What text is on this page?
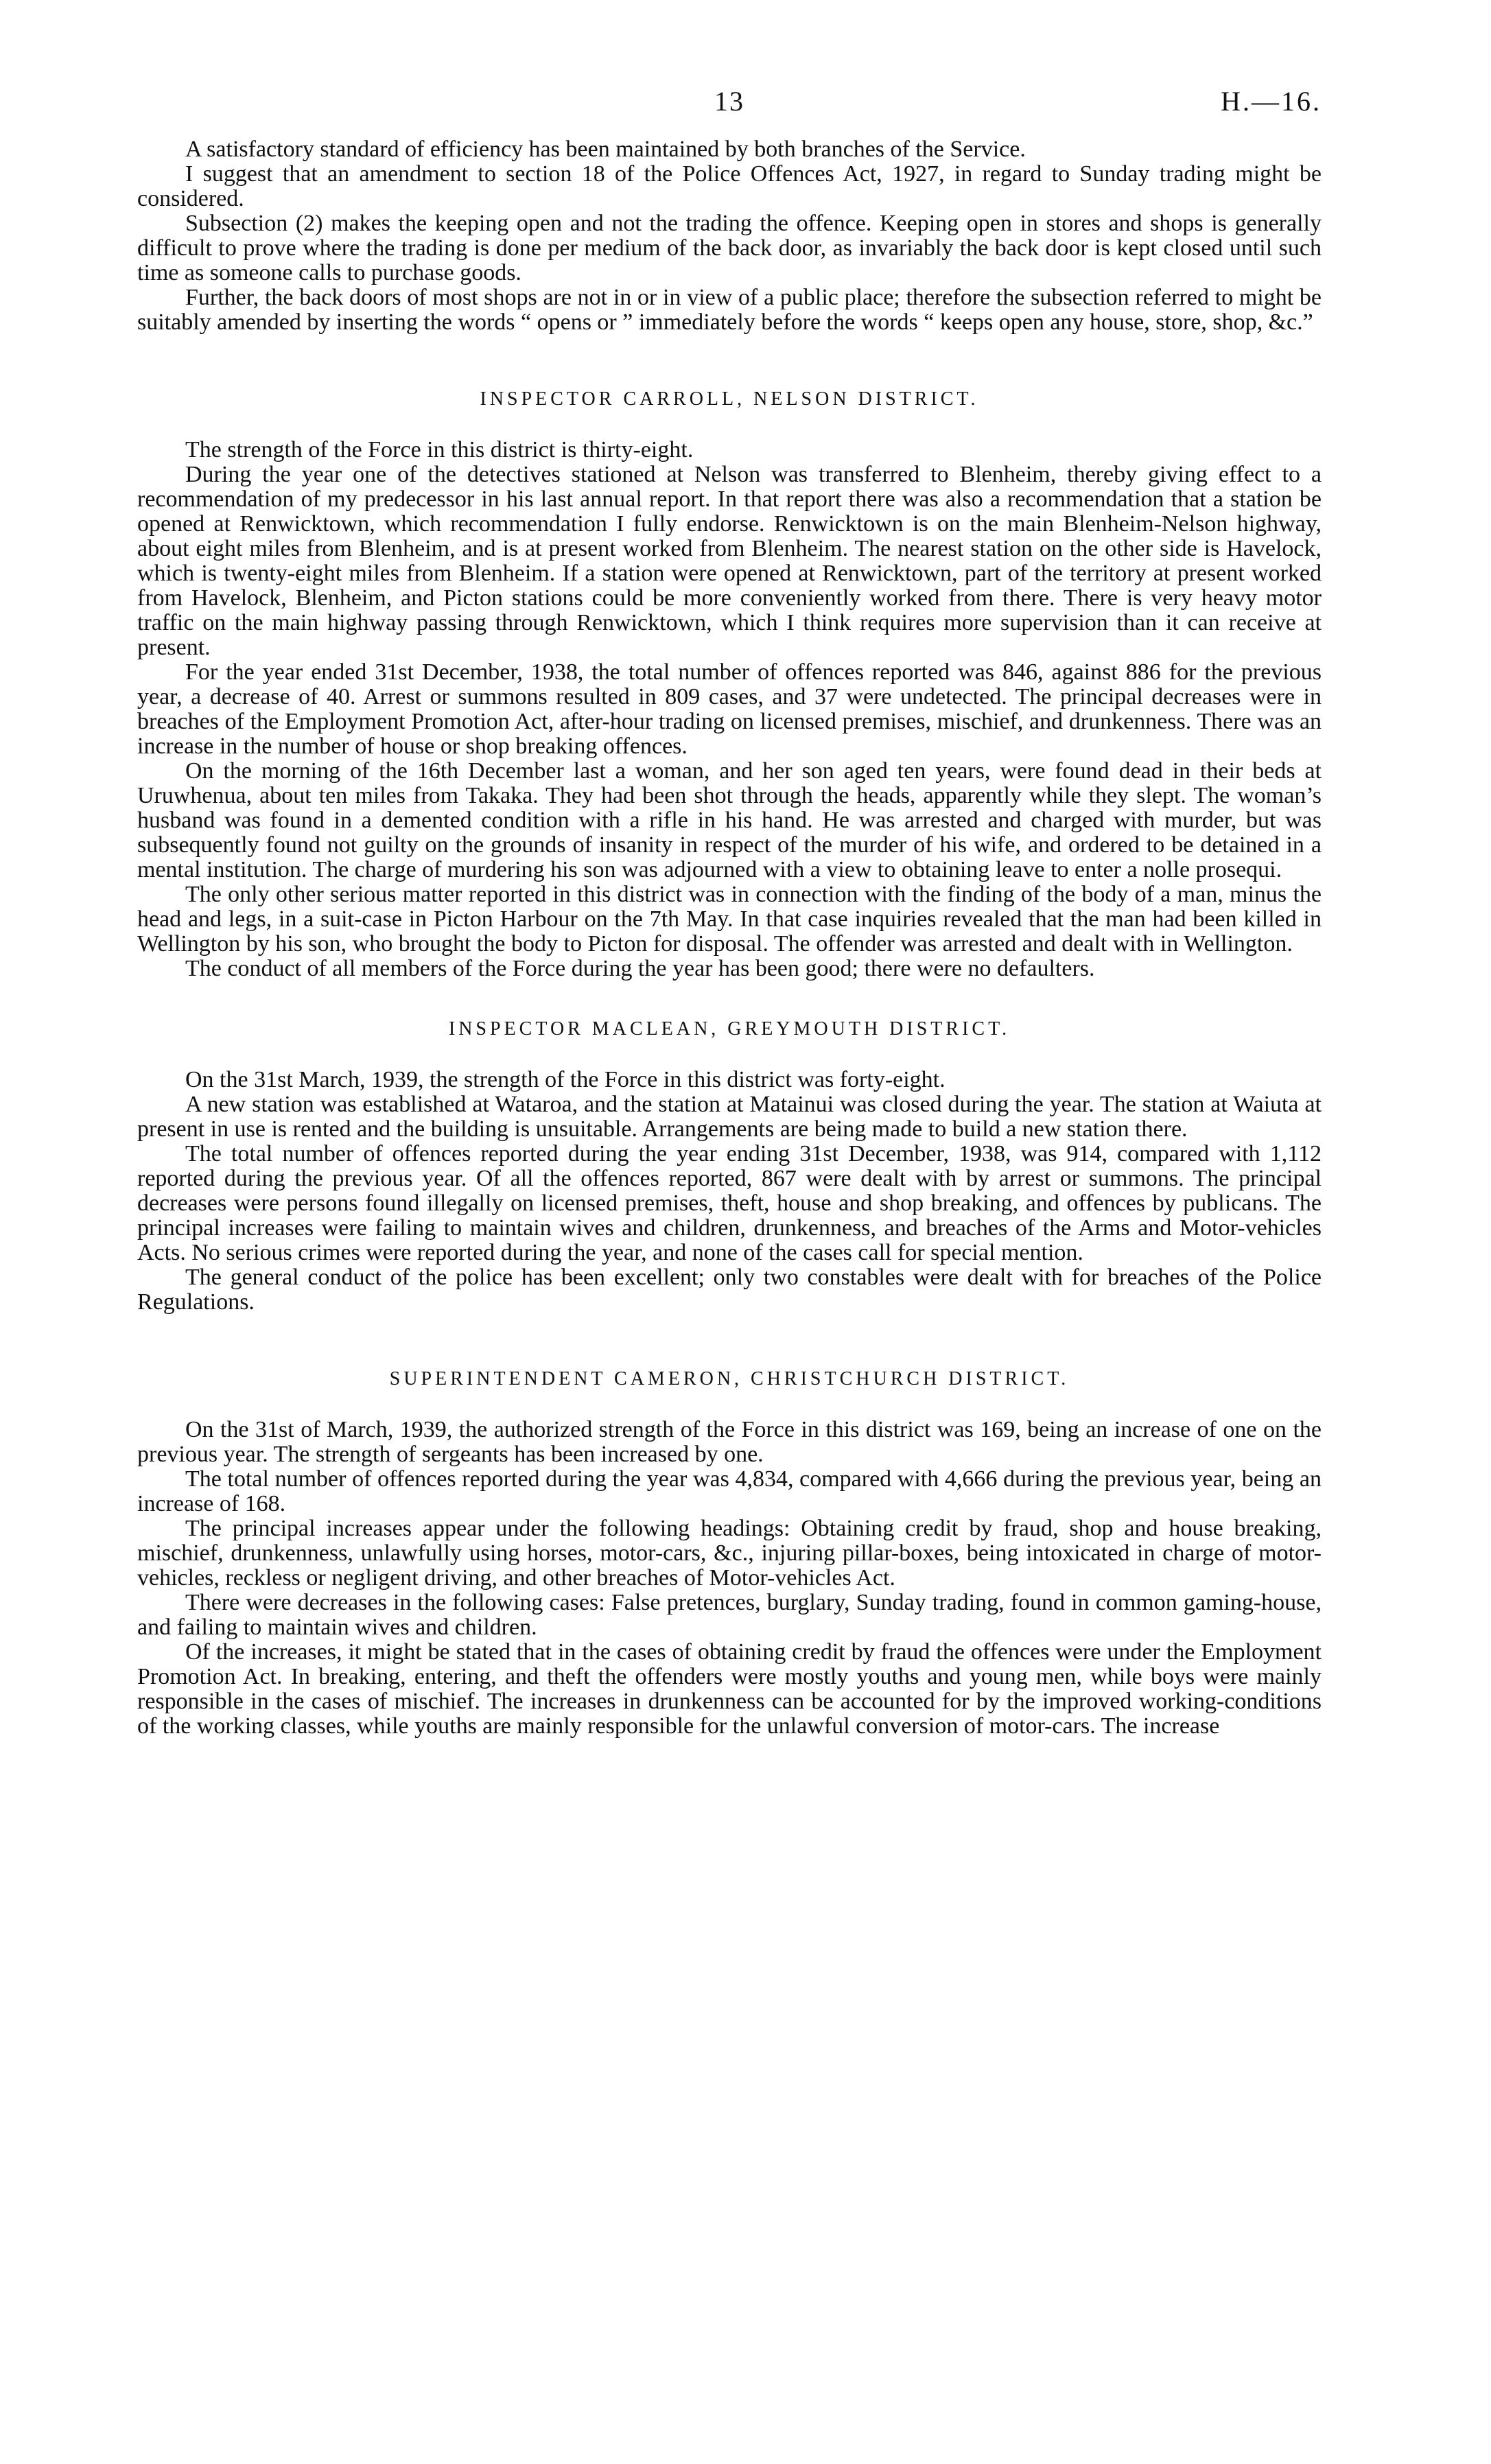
13	H.—16.

A satisfactory standard of efficiency has been maintained by both branches of the Service.

I suggest that an amendment to section 18 of the Police Offences Act, 1927, in regard to Sunday trading might be considered.

Subsection (2) makes the keeping open and not the trading the offence. Keeping open in stores and shops is generally difficult to prove where the trading is done per medium of the back door, as invariably the back door is kept closed until such time as someone calls to purchase goods.

Further, the back doors of most shops are not in or in view of a public place; therefore the subsection referred to might be suitably amended by inserting the words “ opens or ” immediately before the words “ keeps open any house, store, shop, &c.”

INSPECTOR CARROLL, NELSON DISTRICT.

The strength of the Force in this district is thirty-eight.

During the year one of the detectives stationed at Nelson was transferred to Blenheim, thereby giving effect to a recommendation of my predecessor in his last annual report. In that report there was also a recommendation that a station be opened at Renwicktown, which recommendation I fully endorse. Renwicktown is on the main Blenheim-Nelson highway, about eight miles from Blenheim, and is at present worked from Blenheim. The nearest station on the other side is Havelock, which is twenty-eight miles from Blenheim. If a station were opened at Renwicktown, part of the territory at present worked from Havelock, Blenheim, and Picton stations could be more conveniently worked from there. There is very heavy motor traffic on the main highway passing through Renwicktown, which I think requires more supervision than it can receive at present.

For the year ended 31st December, 1938, the total number of offences reported was 846, against 886 for the previous year, a decrease of 40. Arrest or summons resulted in 809 cases, and 37 were undetected. The principal decreases were in breaches of the Employment Promotion Act, after-hour trading on licensed premises, mischief, and drunkenness. There was an increase in the number of house or shop breaking offences.

On the morning of the 16th December last a woman, and her son aged ten years, were found dead in their beds at Uruwhenua, about ten miles from Takaka. They had been shot through the heads, apparently while they slept. The woman’s husband was found in a demented condition with a rifle in his hand. He was arrested and charged with murder, but was subsequently found not guilty on the grounds of insanity in respect of the murder of his wife, and ordered to be detained in a mental institution. The charge of murdering his son was adjourned with a view to obtaining leave to enter a nolle prosequi.

The only other serious matter reported in this district was in connection with the finding of the body of a man, minus the head and legs, in a suit-case in Picton Harbour on the 7th May. In that case inquiries revealed that the man had been killed in Wellington by his son, who brought the body to Picton for disposal. The offender was arrested and dealt with in Wellington.

The conduct of all members of the Force during the year has been good; there were no defaulters.

INSPECTOR MACLEAN, GREYMOUTH DISTRICT.

On the 31st March, 1939, the strength of the Force in this district was forty-eight.

A new station was established at Wataroa, and the station at Matainui was closed during the year. The station at Waiuta at present in use is rented and the building is unsuitable. Arrangements are being made to build a new station there.

The total number of offences reported during the year ending 31st December, 1938, was 914, compared with 1,112 reported during the previous year. Of all the offences reported, 867 were dealt with by arrest or summons. The principal decreases were persons found illegally on licensed premises, theft, house and shop breaking, and offences by publicans. The principal increases were failing to maintain wives and children, drunkenness, and breaches of the Arms and Motor-vehicles Acts. No serious crimes were reported during the year, and none of the cases call for special mention.

The general conduct of the police has been excellent; only two constables were dealt with for breaches of the Police Regulations.

SUPERINTENDENT CAMERON, CHRISTCHURCH DISTRICT.

On the 31st of March, 1939, the authorized strength of the Force in this district was 169, being an increase of one on the previous year. The strength of sergeants has been increased by one.

The total number of offences reported during the year was 4,834, compared with 4,666 during the previous year, being an increase of 168.

The principal increases appear under the following headings: Obtaining credit by fraud, shop and house breaking, mischief, drunkenness, unlawfully using horses, motor-cars, &c., injuring pillar-boxes, being intoxicated in charge of motor-vehicles, reckless or negligent driving, and other breaches of Motor-vehicles Act.

There were decreases in the following cases: False pretences, burglary, Sunday trading, found in common gaming-house, and failing to maintain wives and children.

Of the increases, it might be stated that in the cases of obtaining credit by fraud the offences were under the Employment Promotion Act. In breaking, entering, and theft the offenders were mostly youths and young men, while boys were mainly responsible in the cases of mischief. The increases in drunkenness can be accounted for by the improved working-conditions of the working classes, while youths are mainly responsible for the unlawful conversion of motor-cars. The increase
